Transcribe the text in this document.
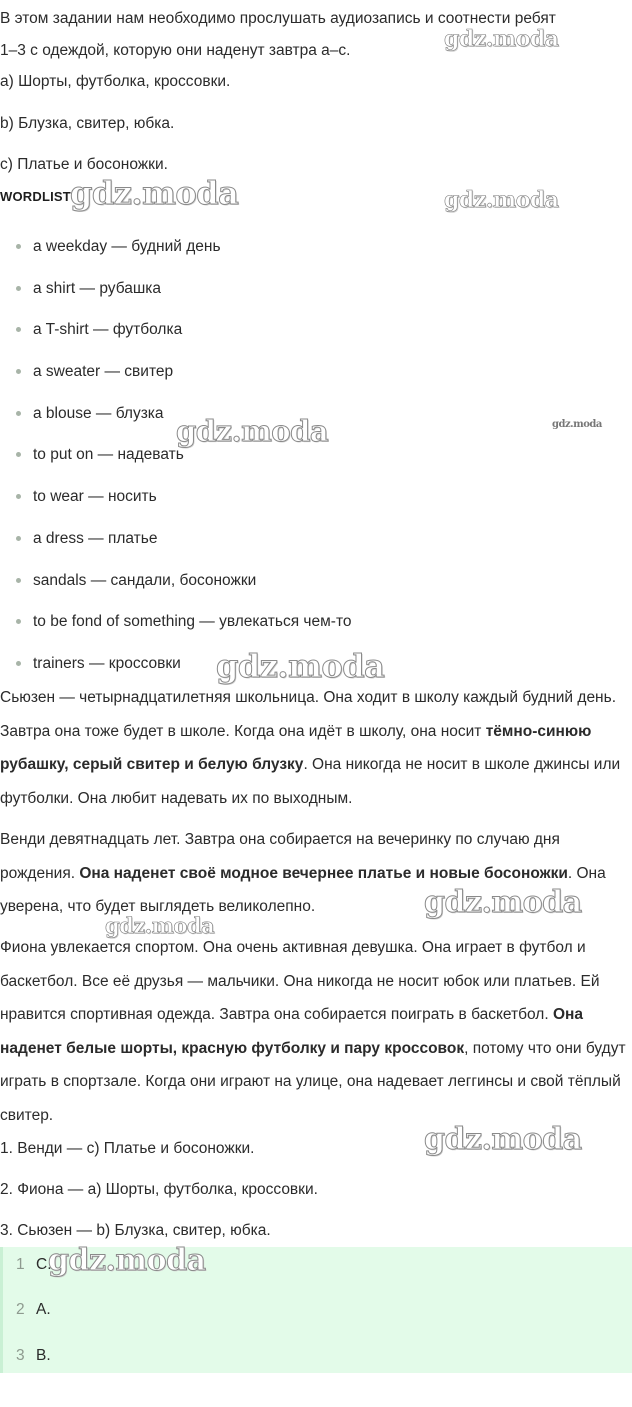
В этом задании нам необходимо прослушать аудиозапись и соотнести ребят

1–3 с одеждой, которую они наденут завтра a–c.

a) Шорты, футболка, кроссовки.

b) Блузка, свитер, юбка.

c) Платье и босоножки.

WORDLIST
a weekday — будний день
a shirt — рубашка
a T-shirt — футболка
a sweater — свитер
a blouse — блузка
to put on — надевать
to wear — носить
a dress — платье
sandals — сандали, босоножки
to be fond of something — увлекаться чем-то
trainers — кроссовки

Сьюзен — четырнадцатилетняя школьница. Она ходит в школу каждый будний день. Завтра она тоже будет в школе. Когда она идёт в школу, она носит тёмно-синюю рубашку, серый свитер и белую блузку. Она никогда не носит в школе джинсы или футболки. Она любит надевать их по выходным.

Венди девятнадцать лет. Завтра она собирается на вечеринку по случаю дня рождения. Она наденет своё модное вечернее платье и новые босоножки. Она уверена, что будет выглядеть великолепно.

Фиона увлекается спортом. Она очень активная девушка. Она играет в футбол и баскетбол. Все её друзья — мальчики. Она никогда не носит юбок или платьев. Ей нравится спортивная одежда. Завтра она собирается поиграть в баскетбол. Она наденет белые шорты, красную футболку и пару кроссовок, потому что они будут играть в спортзале. Когда они играют на улице, она надевает леггинсы и свой тёплый свитер.

1. Венди — c) Платье и босоножки.

2. Фиона — a) Шорты, футболка, кроссовки.

3. Сьюзен — b) Блузка, свитер, юбка.

1 C.
2 A.
3 B.
gdz.moda
gdz.moda	gdz.moda
gdz.moda	gdz.moda
gdz.moda
gdz.moda
gdz.moda
gdz.moda
gdz.moda
